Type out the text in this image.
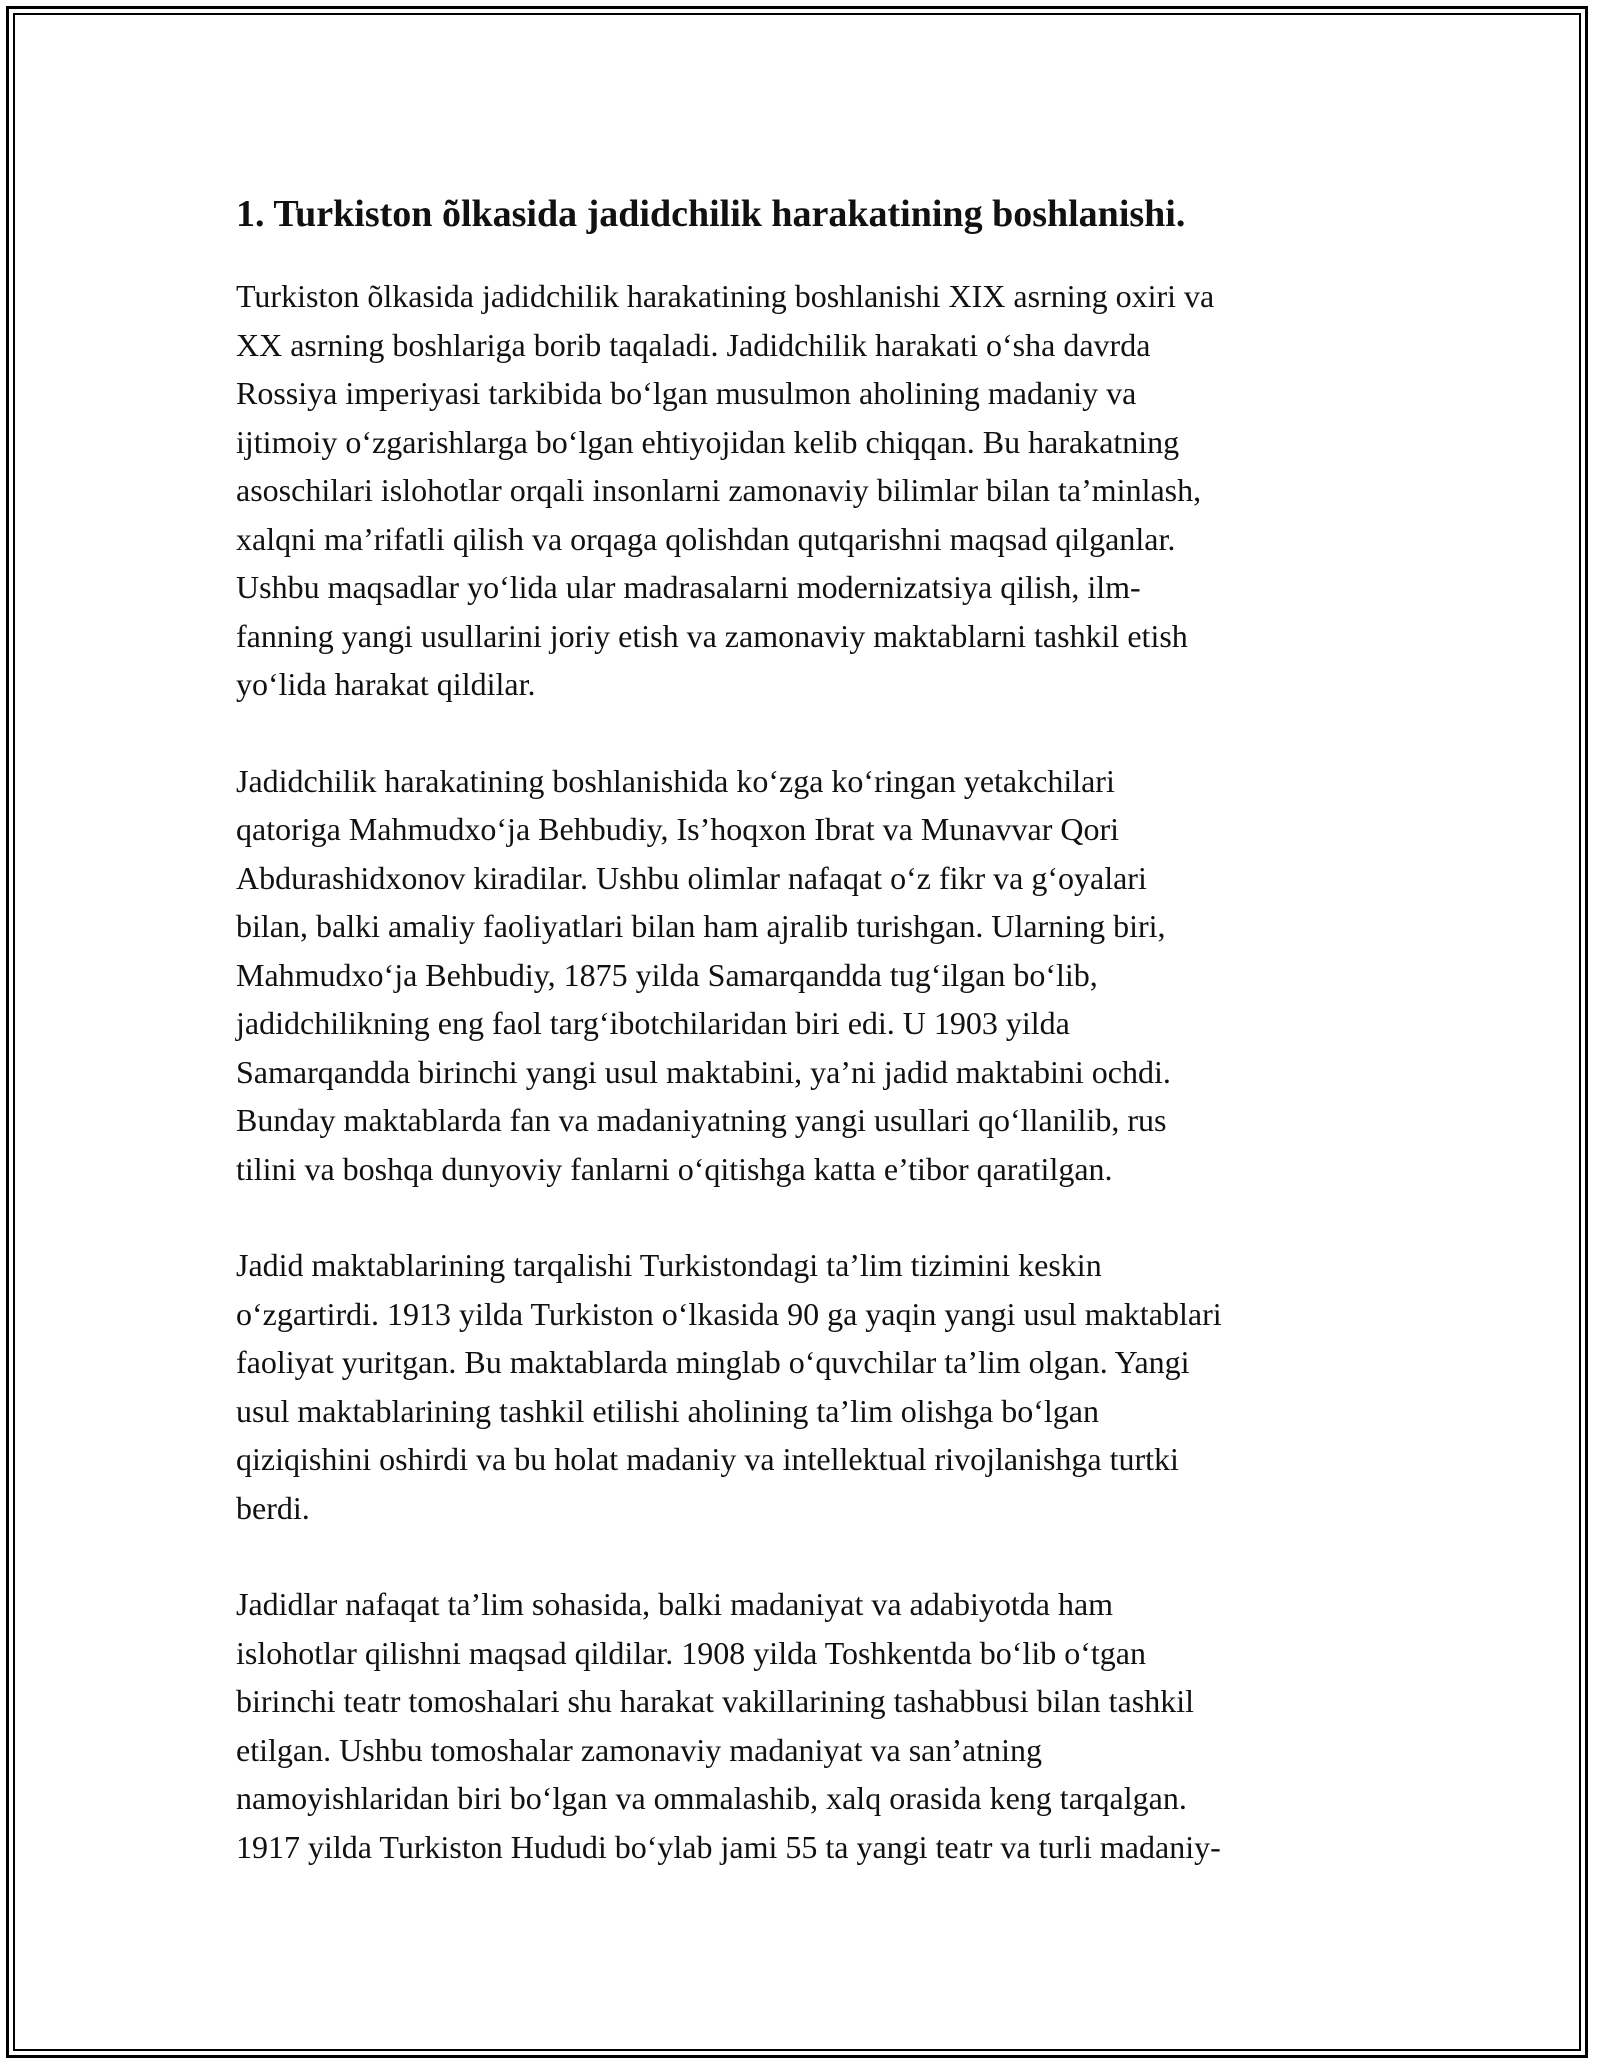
1. Turkiston õlkasida jadidchilik harakatining boshlanishi.

Turkiston õlkasida jadidchilik harakatining boshlanishi XIX asrning oxiri va
XX asrning boshlariga borib taqaladi. Jadidchilik harakati o‘sha davrda
Rossiya imperiyasi tarkibida bo‘lgan musulmon aholining madaniy va
ijtimoiy o‘zgarishlarga bo‘lgan ehtiyojidan kelib chiqqan. Bu harakatning
asoschilari islohotlar orqali insonlarni zamonaviy bilimlar bilan ta’minlash,
xalqni ma’rifatli qilish va orqaga qolishdan qutqarishni maqsad qilganlar.
Ushbu maqsadlar yo‘lida ular madrasalarni modernizatsiya qilish, ilm-
fanning yangi usullarini joriy etish va zamonaviy maktablarni tashkil etish
yo‘lida harakat qildilar.

Jadidchilik harakatining boshlanishida ko‘zga ko‘ringan yetakchilari
qatoriga Mahmudxo‘ja Behbudiy, Is’hoqxon Ibrat va Munavvar Qori
Abdurashidxonov kiradilar. Ushbu olimlar nafaqat o‘z fikr va g‘oyalari
bilan, balki amaliy faoliyatlari bilan ham ajralib turishgan. Ularning biri,
Mahmudxo‘ja Behbudiy, 1875 yilda Samarqandda tug‘ilgan bo‘lib,
jadidchilikning eng faol targ‘ibotchilaridan biri edi. U 1903 yilda
Samarqandda birinchi yangi usul maktabini, ya’ni jadid maktabini ochdi.
Bunday maktablarda fan va madaniyatning yangi usullari qo‘llanilib, rus
tilini va boshqa dunyoviy fanlarni o‘qitishga katta e’tibor qaratilgan.

Jadid maktablarining tarqalishi Turkistondagi ta’lim tizimini keskin
o‘zgartirdi. 1913 yilda Turkiston o‘lkasida 90 ga yaqin yangi usul maktablari
faoliyat yuritgan. Bu maktablarda minglab o‘quvchilar ta’lim olgan. Yangi
usul maktablarining tashkil etilishi aholining ta’lim olishga bo‘lgan
qiziqishini oshirdi va bu holat madaniy va intellektual rivojlanishga turtki
berdi.

Jadidlar nafaqat ta’lim sohasida, balki madaniyat va adabiyotda ham
islohotlar qilishni maqsad qildilar. 1908 yilda Toshkentda bo‘lib o‘tgan
birinchi teatr tomoshalari shu harakat vakillarining tashabbusi bilan tashkil
etilgan. Ushbu tomoshalar zamonaviy madaniyat va san’atning
namoyishlaridan biri bo‘lgan va ommalashib, xalq orasida keng tarqalgan.
1917 yilda Turkiston Hududi bo‘ylab jami 55 ta yangi teatr va turli madaniy-
